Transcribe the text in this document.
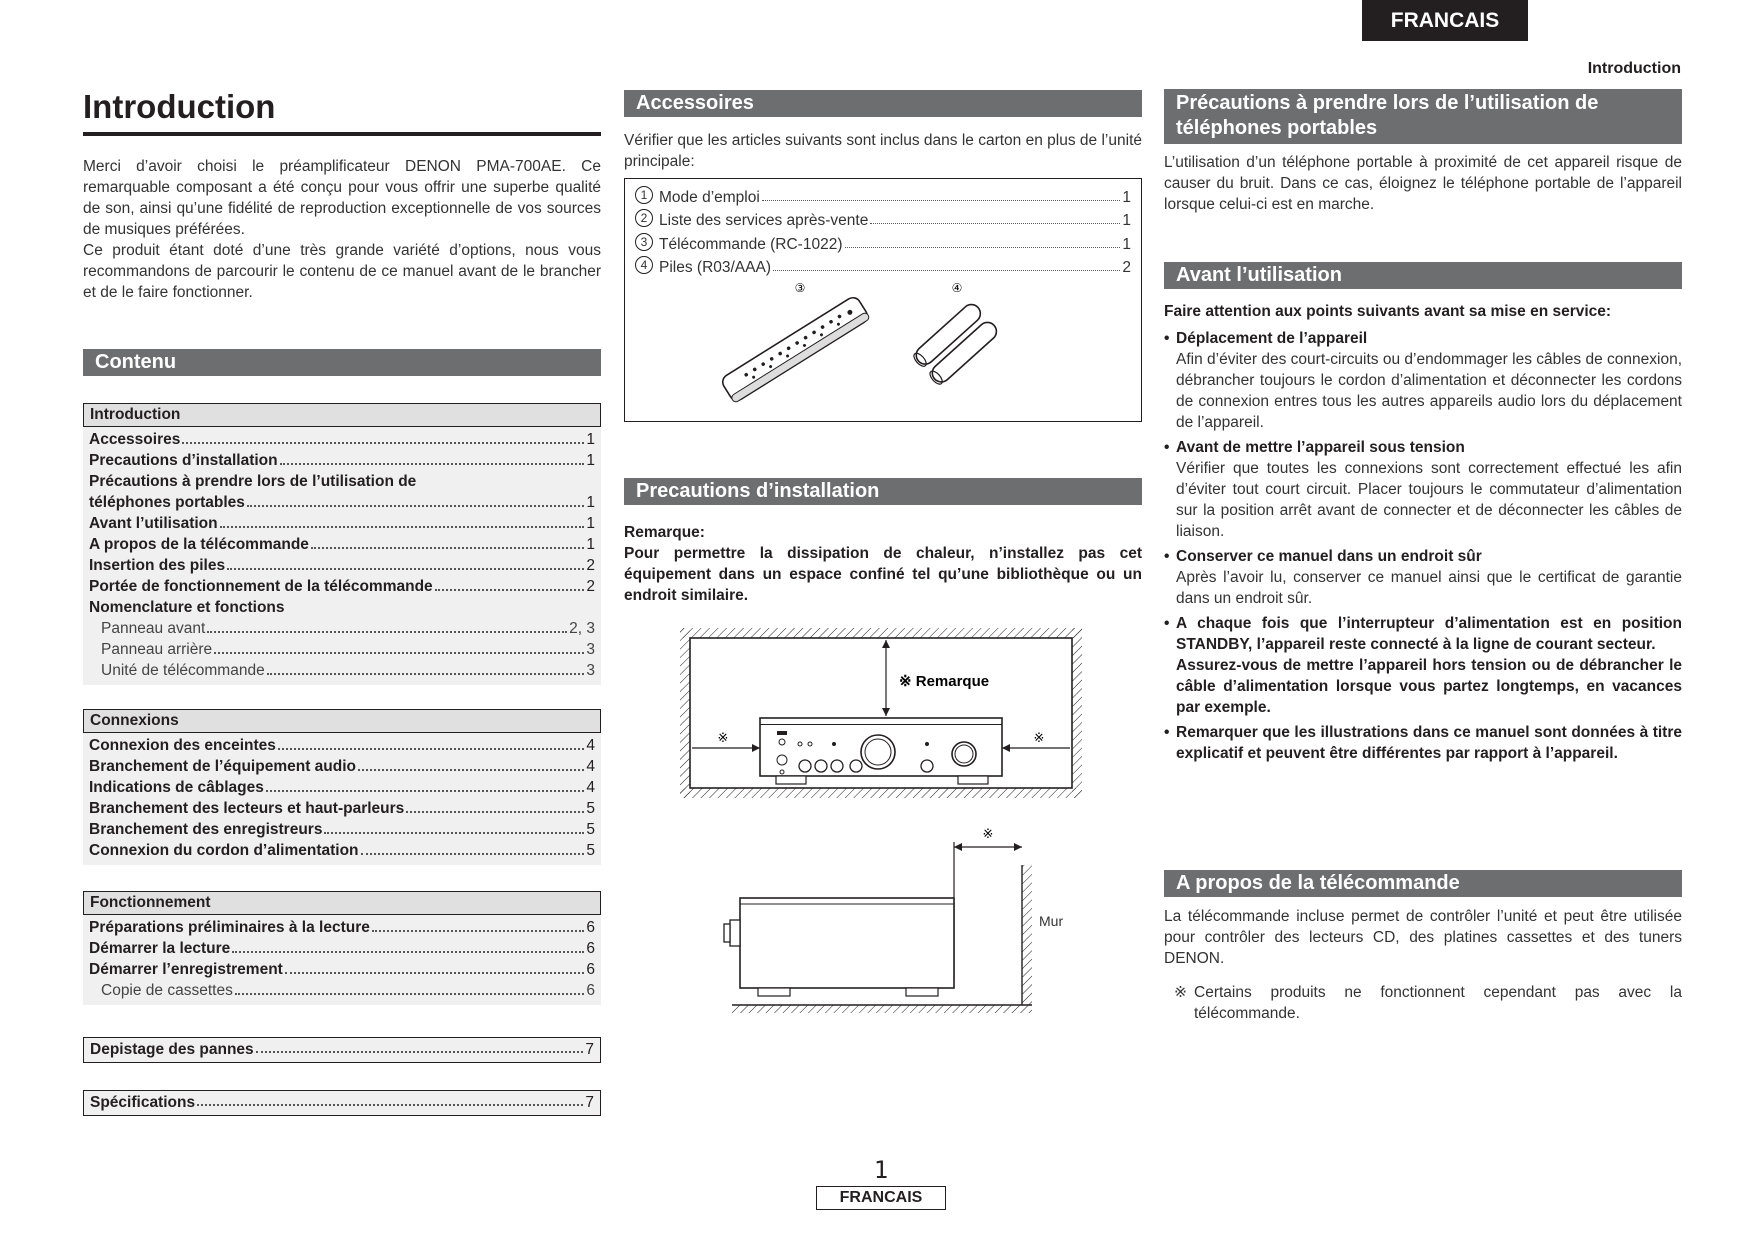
FRANCAIS
Introduction
Introduction

Merci d’avoir choisi le préamplificateur DENON PMA-700AE. Ce remarquable composant a été conçu pour vous offrir une superbe qualité de son, ainsi qu’une fidélité de reproduction exceptionnelle de vos sources de musiques préférées.

Ce produit étant doté d’une très grande variété d’options, nous vous recommandons de parcourir le contenu de ce manuel avant de le brancher et de le faire fonctionner.

Contenu
Introduction
Accessoires	1
Precautions d’installation	1
Précautions à prendre lors de l’utilisation de
téléphones portables	1
Avant l’utilisation	1
A propos de la télécommande	1
Insertion des piles	2
Portée de fonctionnement de la télécommande	2
Nomenclature et fonctions
Panneau avant	2, 3
Panneau arrière	3
Unité de télécommande	3
Connexions
Connexion des enceintes	4
Branchement de l’équipement audio	4
Indications de câblages	4
Branchement des lecteurs et haut-parleurs	5
Branchement des enregistreurs	5
Connexion du cordon d’alimentation	5
Fonctionnement
Préparations préliminaires à la lecture	6
Démarrer la lecture	6
Démarrer l’enregistrement	6
Copie de cassettes	6
Depistage des pannes	7
Spécifications	7
Accessoires
Vérifier que les articles suivants sont inclus dans le carton en plus de l’unité principale:
1 Mode d’emploi	1
2 Liste des services après-vente	1
3 Télécommande (RC-1022)	1
4 Piles (R03/AAA)	2
③	④
Precautions d’installation

Remarque:

Pour permettre la dissipation de chaleur, n’installez pas cet équipement dans un espace confiné tel qu’une bibliothèque ou un endroit similaire.

※ Remarque
※	※
※
Mur
Précautions à prendre lors de l’utilisation de téléphones portables
L’utilisation d’un téléphone portable à proximité de cet appareil risque de causer du bruit. Dans ce cas, éloignez le téléphone portable de l’appareil lorsque celui-ci est en marche.
Avant l’utilisation
Faire attention aux points suivants avant sa mise en service:

• Déplacement de l’appareil

Afin d’éviter des court-circuits ou d’endommager les câbles de connexion, débrancher toujours le cordon d’alimentation et déconnecter les cordons de connexion entres tous les autres appareils audio lors du déplacement de l’appareil.

• Avant de mettre l’appareil sous tension

Vérifier que toutes les connexions sont correctement effectué les afin d’éviter tout court circuit. Placer toujours le commutateur d’alimentation sur la position arrêt avant de connecter et de déconnecter les câbles de liaison.

• Conserver ce manuel dans un endroit sûr

Après l’avoir lu, conserver ce manuel ainsi que le certificat de garantie dans un endroit sûr.

• A chaque fois que l’interrupteur d’alimentation est en position STANDBY, l’appareil reste connecté à la ligne de courant secteur.

Assurez-vous de mettre l’appareil hors tension ou de débrancher le câble d’alimentation lorsque vous partez longtemps, en vacances par exemple.

• Remarquer que les illustrations dans ce manuel sont données à titre explicatif et peuvent être différentes par rapport à l’appareil.

A propos de la télécommande
La télécommande incluse permet de contrôler l’unité et peut être utilisée pour contrôler des lecteurs CD, des platines cassettes et des tuners DENON.
※ Certains produits ne fonctionnent cependant pas avec la télécommande.
1
FRANCAIS
